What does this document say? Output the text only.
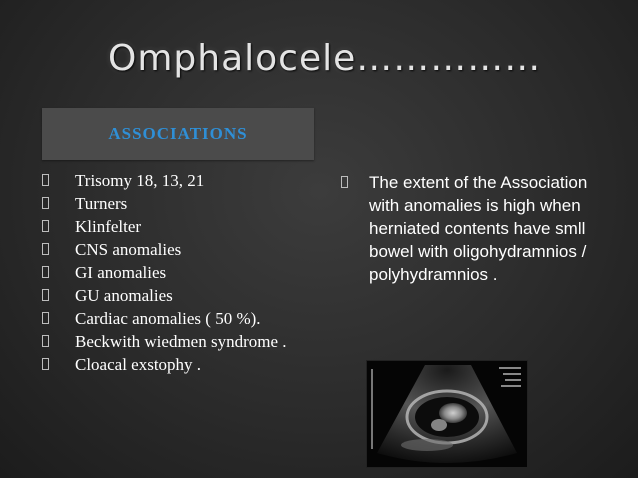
Omphalocele……………
ASSOCIATIONS
Trisomy 18, 13, 21
Turners
Klinfelter
CNS anomalies
GI anomalies
GU anomalies
Cardiac anomalies ( 50 %).
Beckwith wiedmen syndrome .
Cloacal exstophy .
The extent of the Association with anomalies is high when herniated contents have smll bowel with oligohydramnios / polyhydramnios .
